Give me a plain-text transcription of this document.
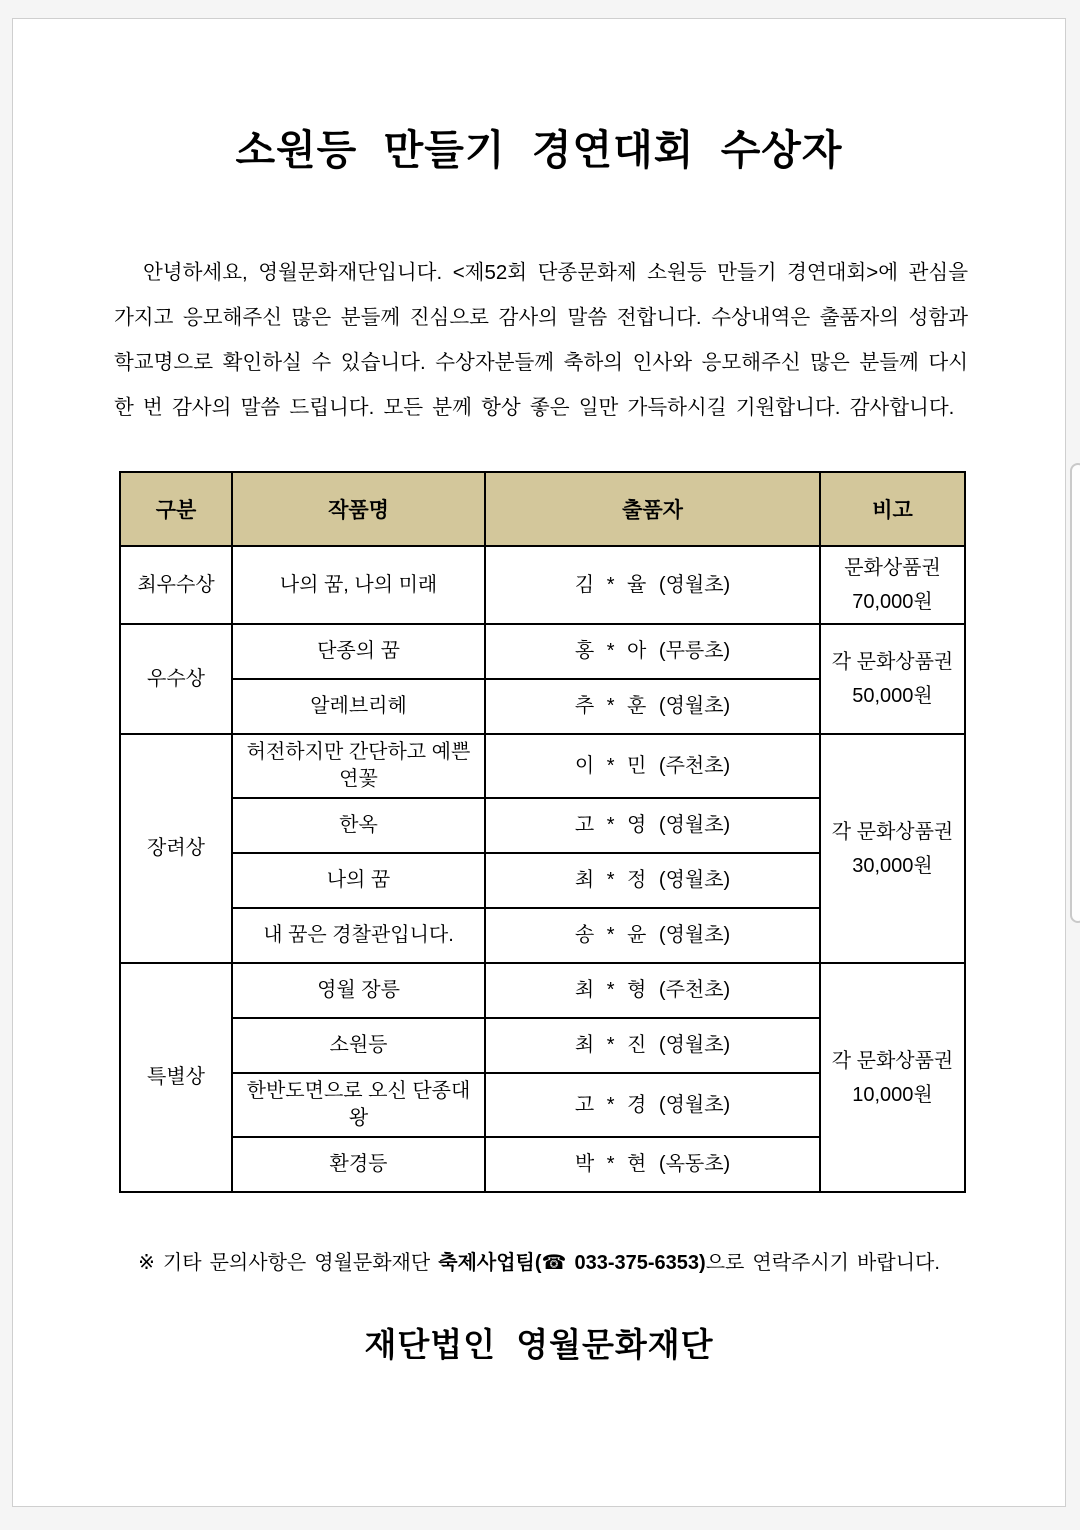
소원등 만들기 경연대회 수상자

안녕하세요, 영월문화재단입니다. <제52회 단종문화제 소원등 만들기 경연대회>에 관심을 가지고 응모해주신 많은 분들께 진심으로 감사의 말씀 전합니다. 수상내역은 출품자의 성함과 학교명으로 확인하실 수 있습니다. 수상자분들께 축하의 인사와 응모해주신 많은 분들께 다시 한 번 감사의 말씀 드립니다. 모든 분께 항상 좋은 일만 가득하시길 기원합니다. 감사합니다.

구분	작품명	출품자	비고
최우수상	나의 꿈, 나의 미래	김 * 율 (영월초)	문화상품권
70,000원

우수상	단종의 꿈	홍 * 아 (무릉초)	각 문화상품권
50,000원

	알레브리헤	추 * 훈 (영월초)	
장려상	허전하지만 간단하고 예쁜 연꽃	이 * 민 (주천초)	각 문화상품권
30,000원

	한옥	고 * 영 (영월초)	
	나의 꿈	최 * 정 (영월초)	
	내 꿈은 경찰관입니다.	송 * 윤 (영월초)	
특별상	영월 장릉	최 * 형 (주천초)	각 문화상품권
10,000원

	소원등	최 * 진 (영월초)	
	한반도면으로 오신 단종대왕	고 * 경 (영월초)	
	환경등	박 * 현 (옥동초)	

※ 기타 문의사항은 영월문화재단 축제사업팀(☎ 033-375-6353)으로 연락주시기 바랍니다.

재단법인 영월문화재단
